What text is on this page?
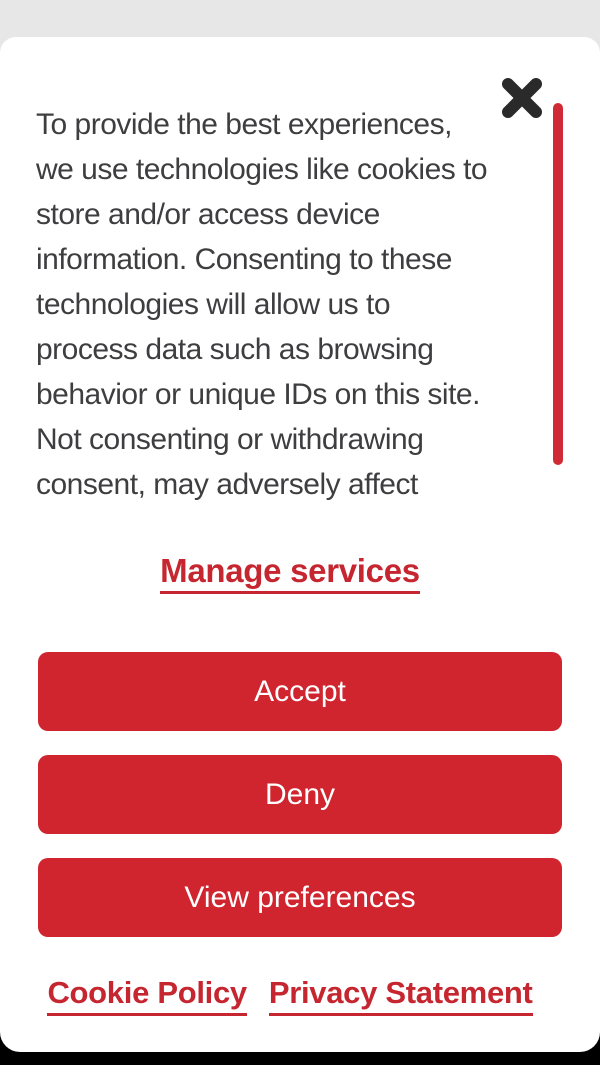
To provide the best experiences,
we use technologies like cookies to
store and/or access device
information. Consenting to these
technologies will allow us to
process data such as browsing
behavior or unique IDs on this site.
Not consenting or withdrawing
consent, may adversely affect
Manage services
Accept
Deny
View preferences
Cookie Policy Privacy Statement
